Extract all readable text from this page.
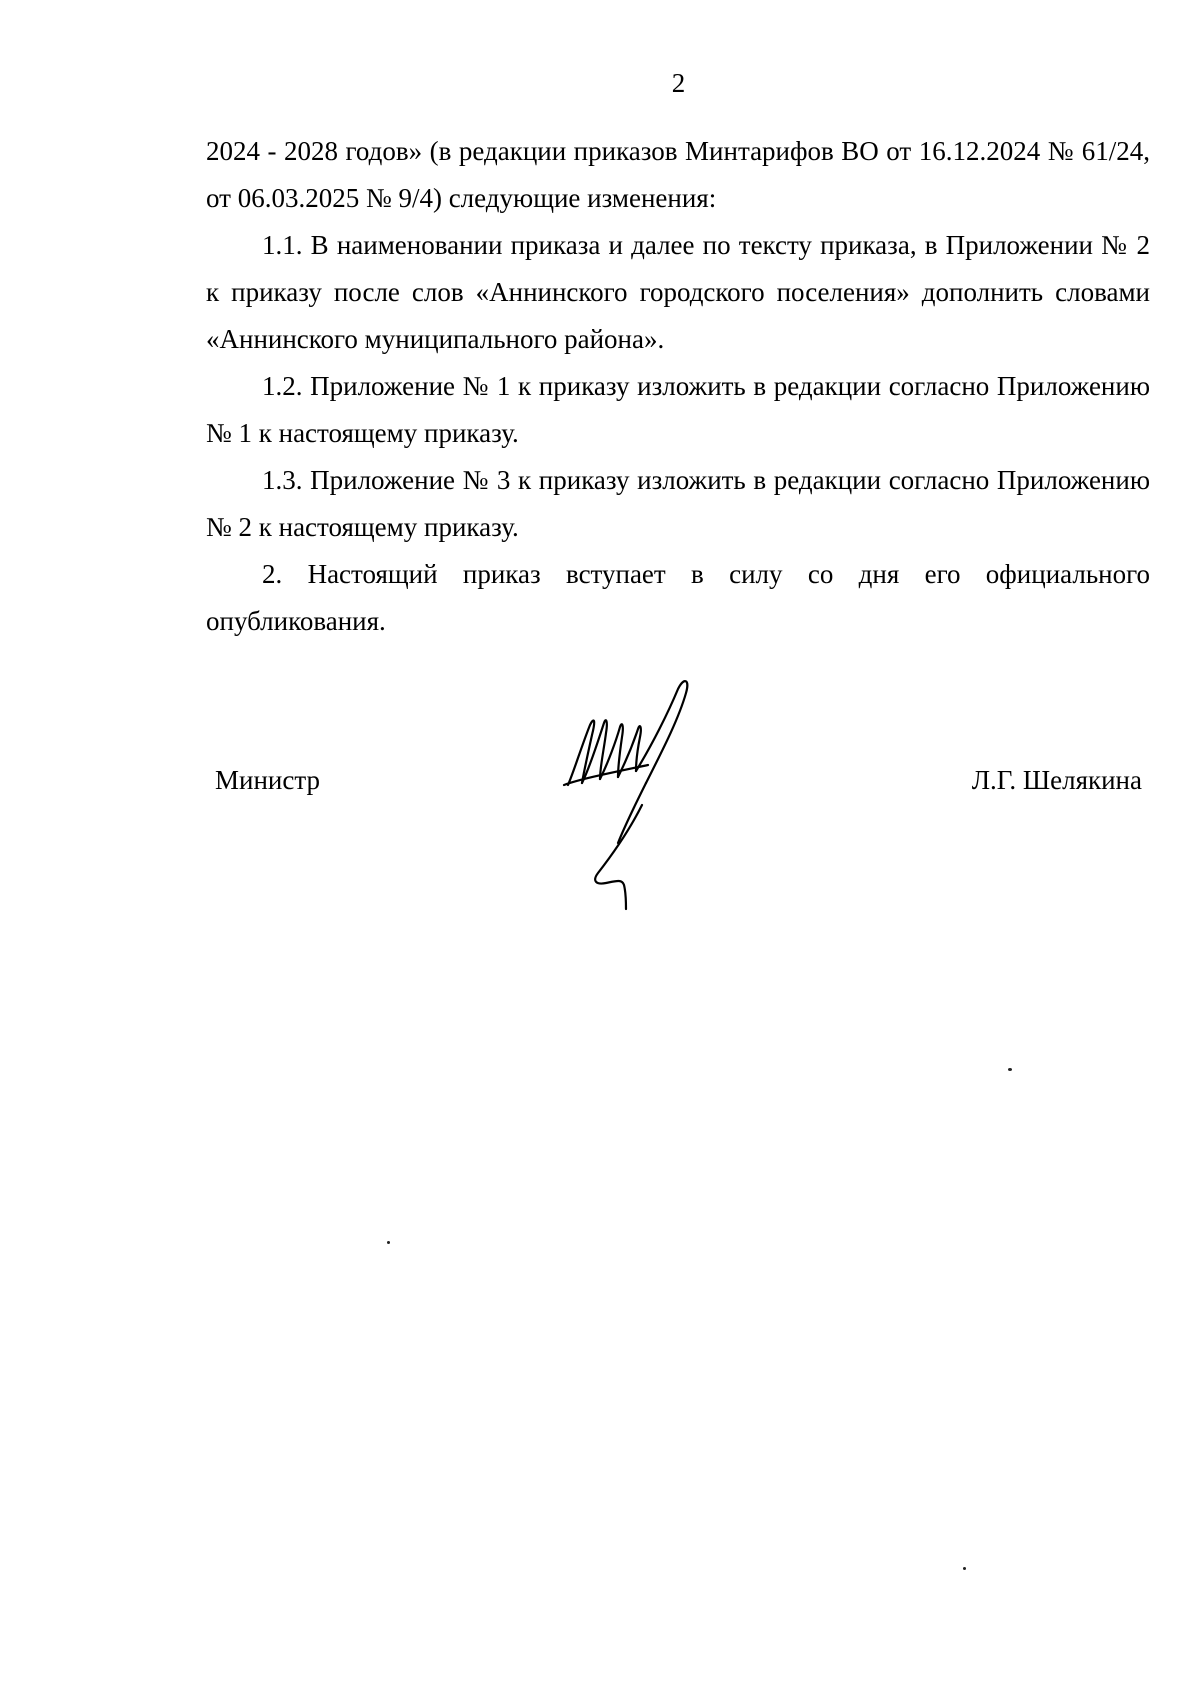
2

2024 - 2028 годов» (в редакции приказов Минтарифов ВО от 16.12.2024 № 61/24, от 06.03.2025 № 9/4) следующие изменения:

1.1. В наименовании приказа и далее по тексту приказа, в Приложении № 2 к приказу после слов «Аннинского городского поселения» дополнить словами «Аннинского муниципального района».

1.2. Приложение № 1 к приказу изложить в редакции согласно Приложению № 1 к настоящему приказу.

1.3. Приложение № 3 к приказу изложить в редакции согласно Приложению № 2 к настоящему приказу.

2. Настоящий приказ вступает в силу со дня его официального опубликования.

Министр	Л.Г. Шелякина
